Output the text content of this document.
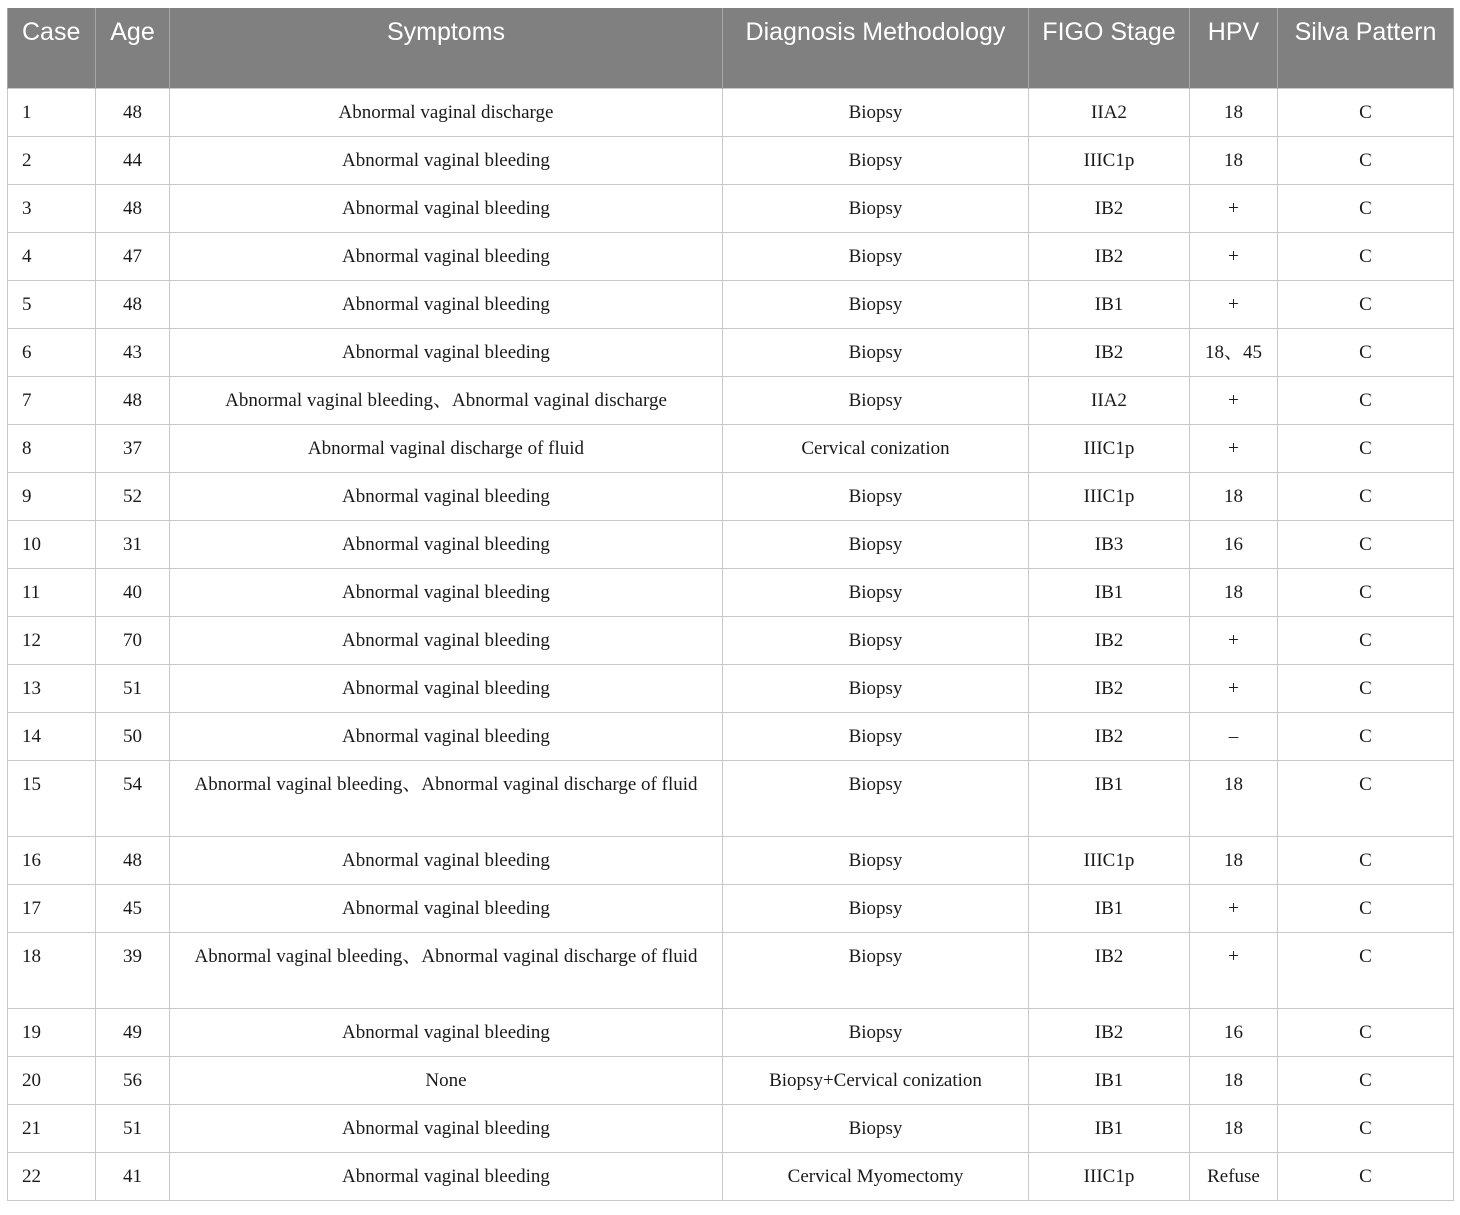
Case	Age	Symptoms	Diagnosis Methodology	FIGO Stage	HPV	Silva Pattern
1	48	Abnormal vaginal discharge	Biopsy	IIA2	18	C
2	44	Abnormal vaginal bleeding	Biopsy	IIIC1p	18	C
3	48	Abnormal vaginal bleeding	Biopsy	IB2	+	C
4	47	Abnormal vaginal bleeding	Biopsy	IB2	+	C
5	48	Abnormal vaginal bleeding	Biopsy	IB1	+	C
6	43	Abnormal vaginal bleeding	Biopsy	IB2	18、45	C
7	48	Abnormal vaginal bleeding、Abnormal vaginal discharge	Biopsy	IIA2	+	C
8	37	Abnormal vaginal discharge of fluid	Cervical conization	IIIC1p	+	C
9	52	Abnormal vaginal bleeding	Biopsy	IIIC1p	18	C
10	31	Abnormal vaginal bleeding	Biopsy	IB3	16	C
11	40	Abnormal vaginal bleeding	Biopsy	IB1	18	C
12	70	Abnormal vaginal bleeding	Biopsy	IB2	+	C
13	51	Abnormal vaginal bleeding	Biopsy	IB2	+	C
14	50	Abnormal vaginal bleeding	Biopsy	IB2	–	C
15	54	Abnormal vaginal bleeding、Abnormal vaginal discharge of fluid	Biopsy	IB1	18	C
16	48	Abnormal vaginal bleeding	Biopsy	IIIC1p	18	C
17	45	Abnormal vaginal bleeding	Biopsy	IB1	+	C
18	39	Abnormal vaginal bleeding、Abnormal vaginal discharge of fluid	Biopsy	IB2	+	C
19	49	Abnormal vaginal bleeding	Biopsy	IB2	16	C
20	56	None	Biopsy+Cervical conization	IB1	18	C
21	51	Abnormal vaginal bleeding	Biopsy	IB1	18	C
22	41	Abnormal vaginal bleeding	Cervical Myomectomy	IIIC1p	Refuse	C
